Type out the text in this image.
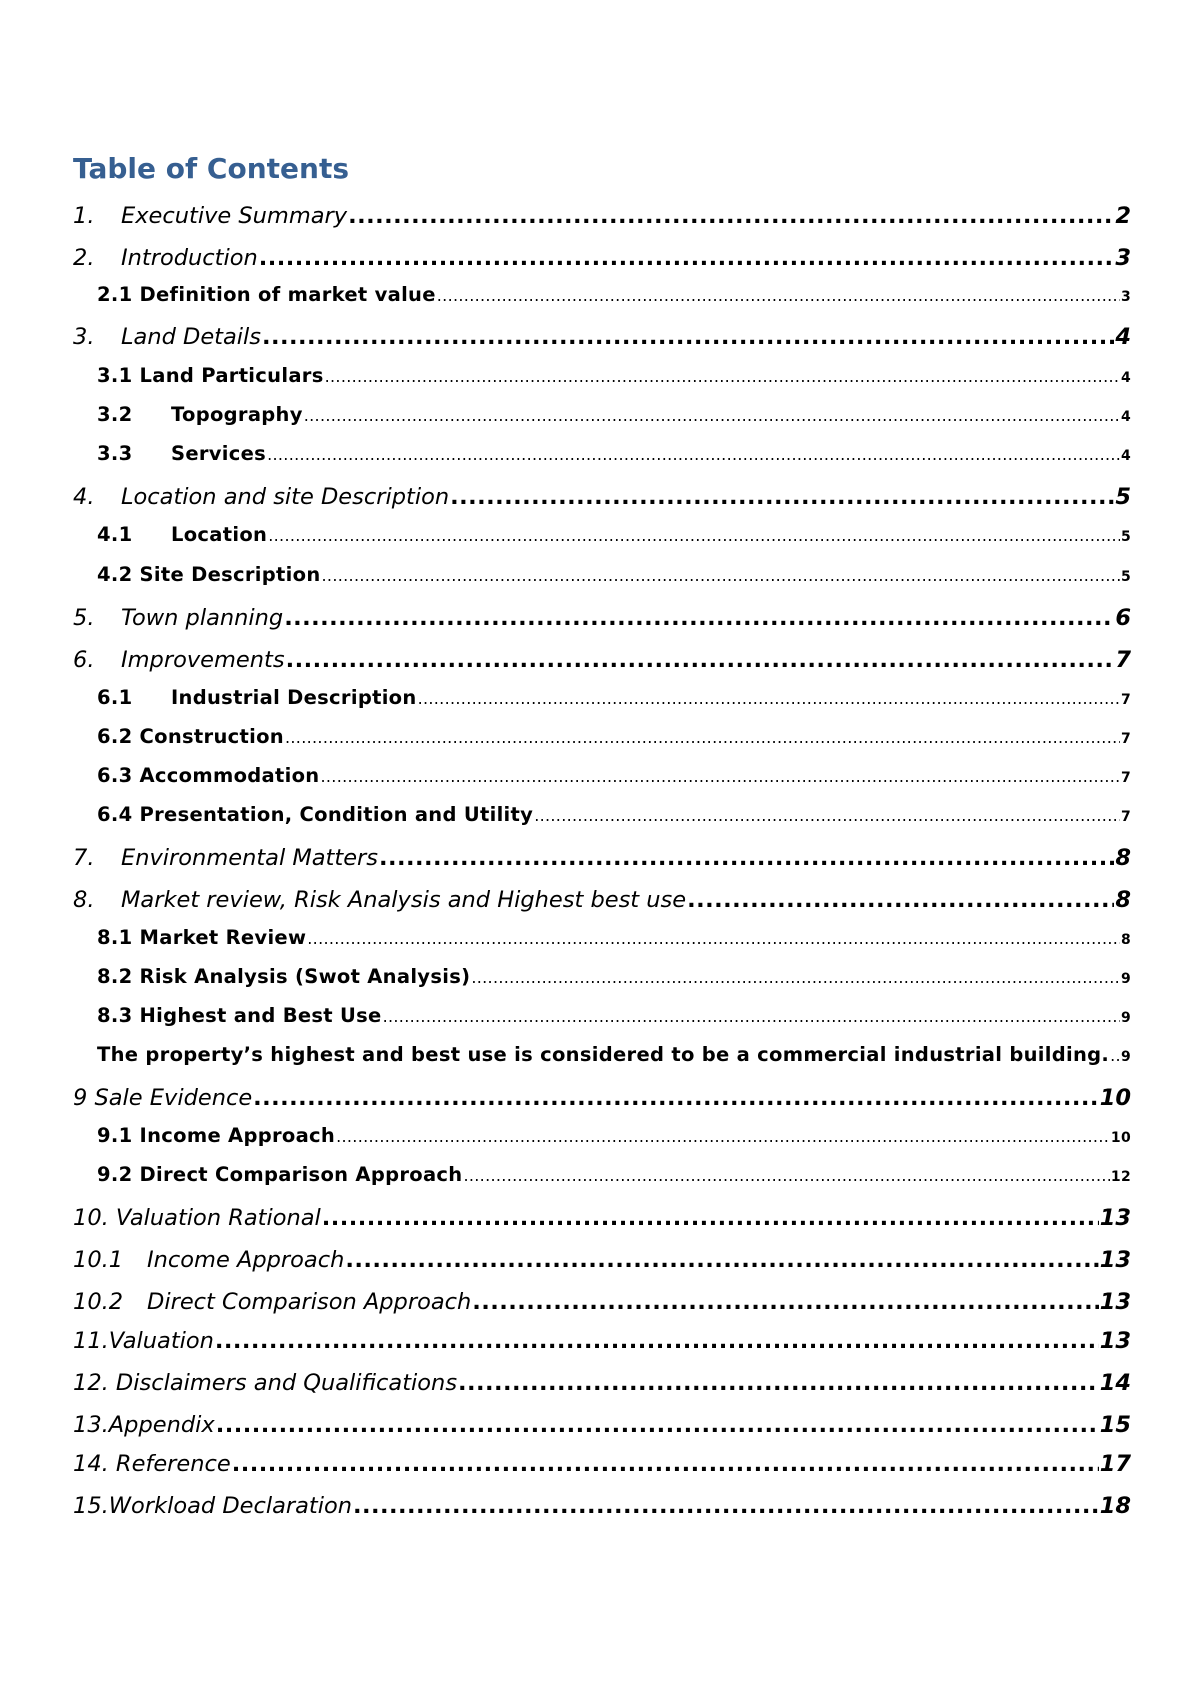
Table of Contents
1.	Executive Summary .....	2
2.	Introduction .....	3
2.1 Definition of market value .....	3
3.	Land Details .....	4
3.1 Land Particulars .....	4
3.2	Topography .....	4
3.3	Services .....	4
4.	Location and site Description .....	5
4.1	Location .....	5
4.2 Site Description .....	5
5.	Town planning .....	6
6.	Improvements .....	7
6.1	Industrial Description .....	7
6.2 Construction .....	7
6.3 Accommodation .....	7
6.4 Presentation, Condition and Utility .....	7
7.	Environmental Matters .....	8
8.	Market review, Risk Analysis and Highest best use .....	8
8.1 Market Review .....	8
8.2 Risk Analysis (Swot Analysis) .....	9
8.3 Highest and Best Use .....	9
The property’s highest and best use is considered to be a commercial industrial building. ..... 9
9 Sale Evidence .....	10
9.1 Income Approach .....	10
9.2 Direct Comparison Approach .....	12
10. Valuation Rational .....	13
10.1	Income Approach .....	13
10.2	Direct Comparison Approach .....	13
11.Valuation .....	13
12. Disclaimers and Qualifications .....	14
13.Appendix .....	15
14. Reference .....	17
15.Workload Declaration .....	18
